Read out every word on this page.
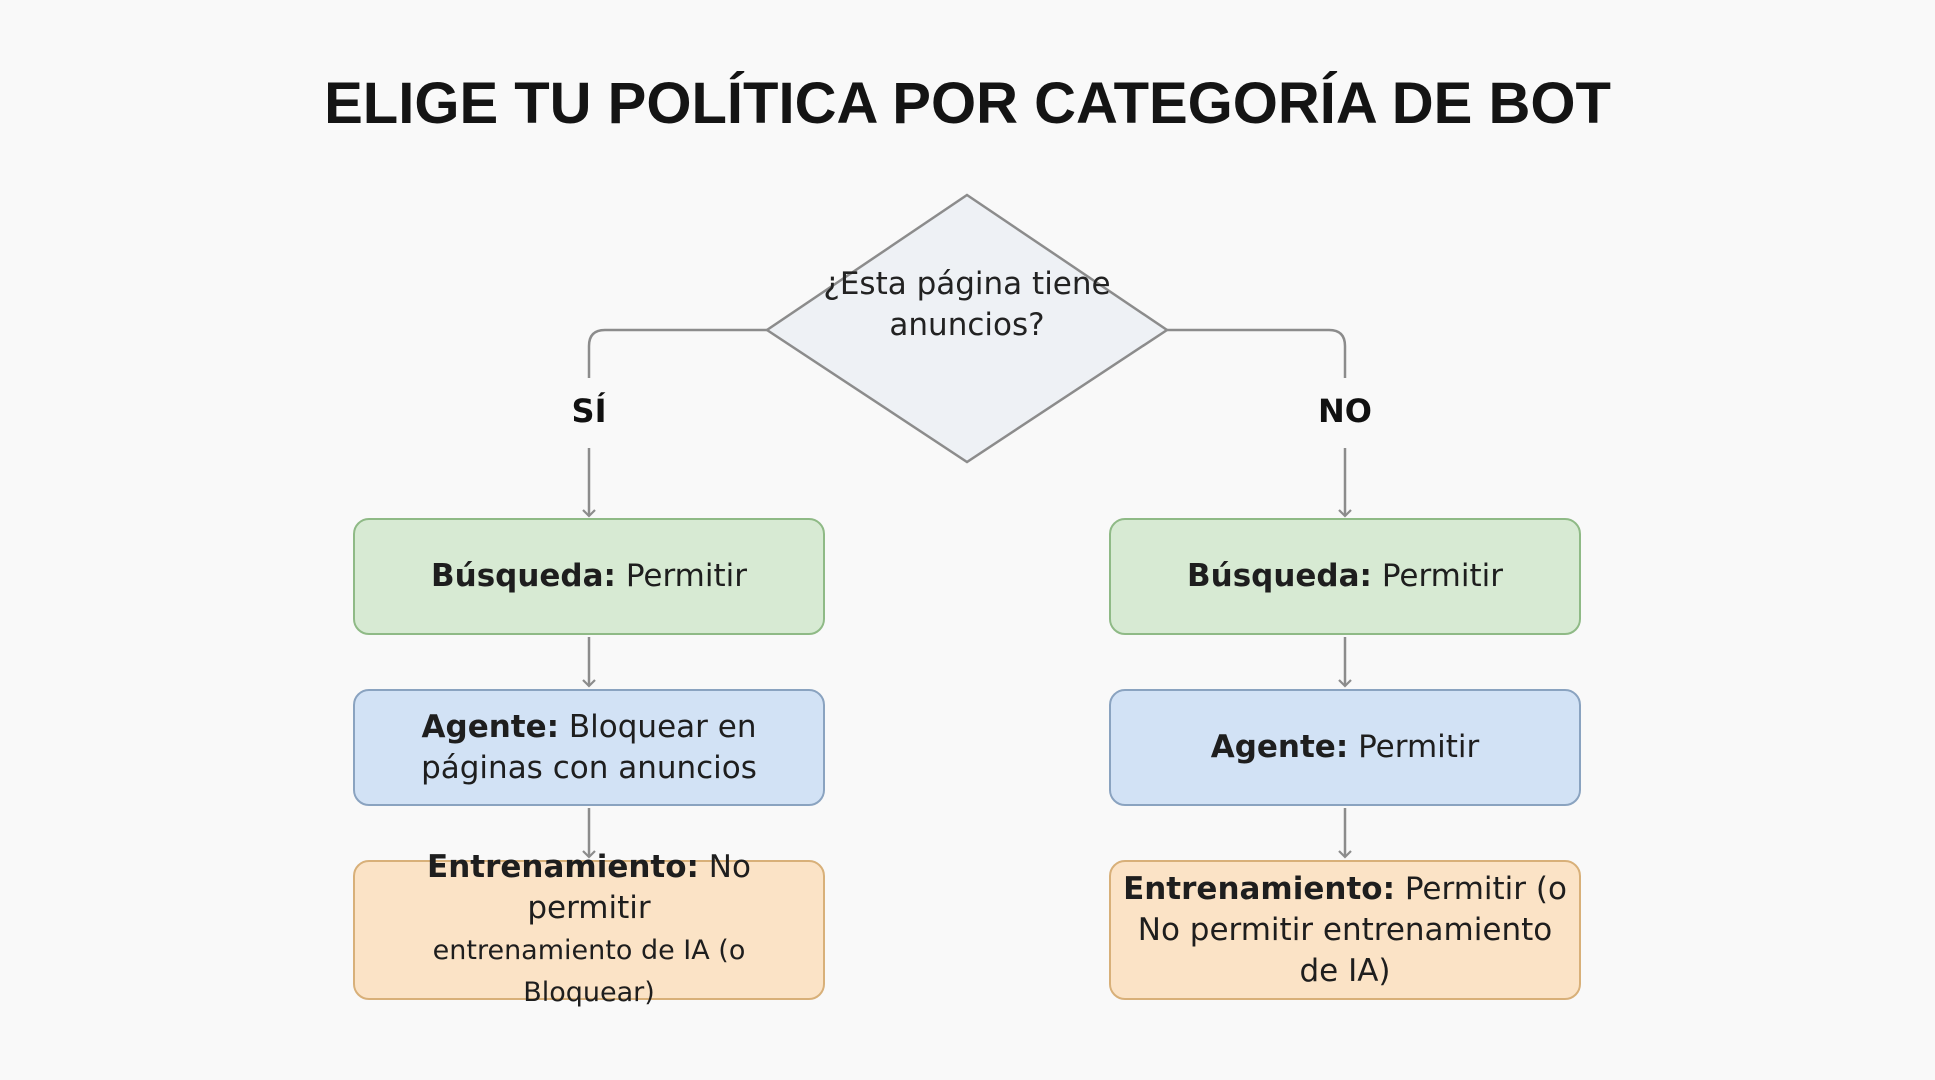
ELIGE TU POLÍTICA POR CATEGORÍA DE BOT
¿Esta página tiene anuncios?
SÍ	NO
Búsqueda: Permitir
Agente: Bloquear en páginas con anuncios
Entrenamiento: No permitir
entrenamiento de IA (o Bloquear)
Búsqueda: Permitir
Agente: Permitir
Entrenamiento: Permitir (o No permitir entrenamiento de IA)
